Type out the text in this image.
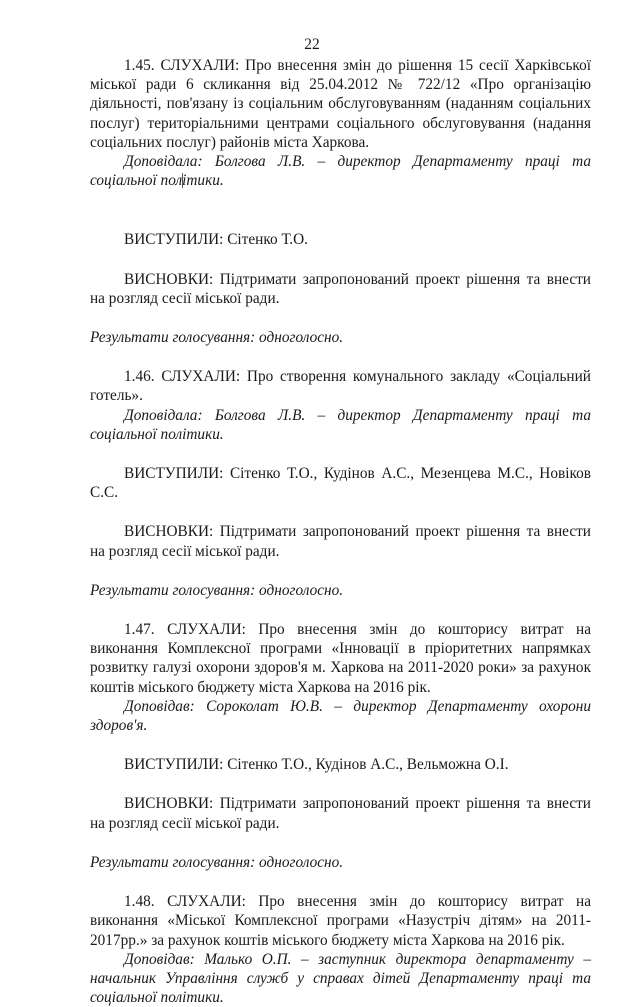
22

1.45. СЛУХАЛИ: Про внесення змін до рішення 15 сесії Харківської міської ради 6 скликання від 25.04.2012 № 722/12 «Про організацію діяльності, пов'язану із соціальним обслуговуванням (наданням соціальних послуг) територіальними центрами соціального обслуговування (надання соціальних послуг) районів міста Харкова.

Доповідала: Болгова Л.В. – директор Департаменту праці та соціальної політики.

ВИСТУПИЛИ: Сітенко Т.О.

ВИСНОВКИ: Підтримати запропонований проект рішення та внести на розгляд сесії міської ради.

Результати голосування: одноголосно.

1.46. СЛУХАЛИ: Про створення комунального закладу «Соціальний готель».

Доповідала: Болгова Л.В. – директор Департаменту праці та соціальної політики.

ВИСТУПИЛИ: Сітенко Т.О., Кудінов А.С., Мезенцева М.С., Новіков С.С.

ВИСНОВКИ: Підтримати запропонований проект рішення та внести на розгляд сесії міської ради.

Результати голосування: одноголосно.

1.47. СЛУХАЛИ: Про внесення змін до кошторису витрат на виконання Комплексної програми «Інновації в пріоритетних напрямках розвитку галузі охорони здоров'я м. Харкова на 2011-2020 роки» за рахунок коштів міського бюджету міста Харкова на 2016 рік.

Доповідав: Сороколат Ю.В. – директор Департаменту охорони здоров'я.

ВИСТУПИЛИ: Сітенко Т.О., Кудінов А.С., Вельможна О.І.

ВИСНОВКИ: Підтримати запропонований проект рішення та внести на розгляд сесії міської ради.

Результати голосування: одноголосно.

1.48. СЛУХАЛИ: Про внесення змін до кошторису витрат на виконання «Міської Комплексної програми «Назустріч дітям» на 2011-2017рр.» за рахунок коштів міського бюджету міста Харкова на 2016 рік.

Доповідав: Малько О.П. – заступник директора департаменту – начальник Управління служб у справах дітей Департаменту праці та соціальної політики.
